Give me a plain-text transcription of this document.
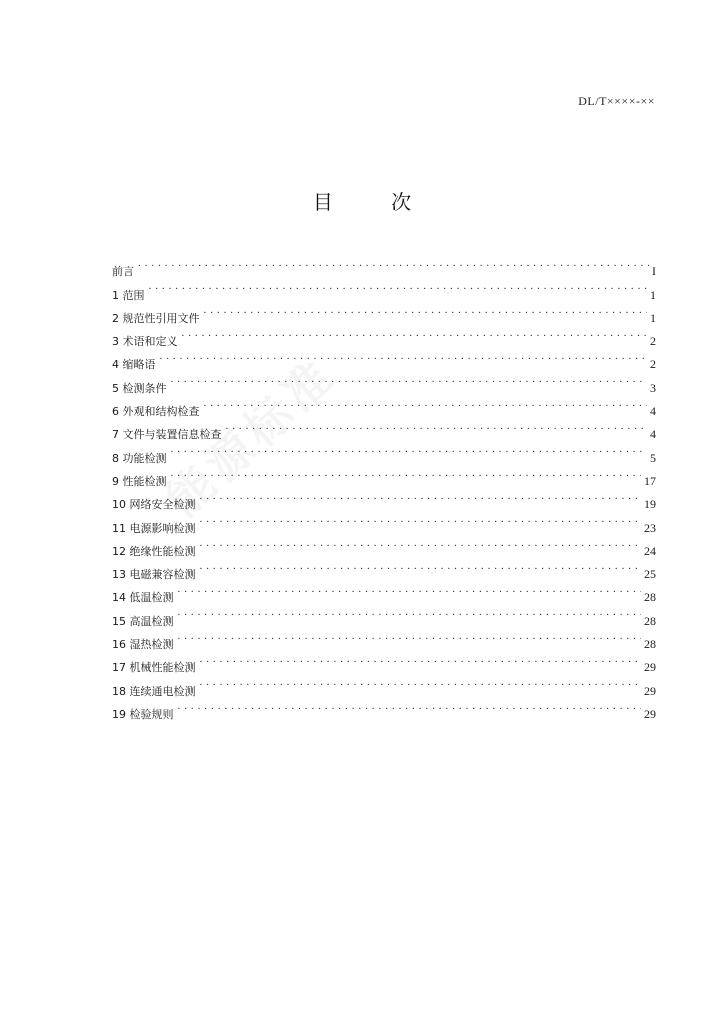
DL/T××××-××
目 次
前言 . . .	I
1 范围 . . .	1
2 规范性引用文件 . . .	1
3 术语和定义 . . .	2
4 缩略语 . . .	2
5 检测条件 . . .	3
6 外观和结构检查 . . .	4
7 文件与装置信息检查 . . .	4
8 功能检测 . . .	5
9 性能检测 . . .	17
10 网络安全检测 . . .	19
11 电源影响检测 . . .	23
12 绝缘性能检测 . . .	24
13 电磁兼容检测 . . .	25
14 低温检测 . . .	28
15 高温检测 . . .	28
16 湿热检测 . . .	28
17 机械性能检测 . . .	29
18 连续通电检测 . . .	29
19 检验规则 . . .	29
